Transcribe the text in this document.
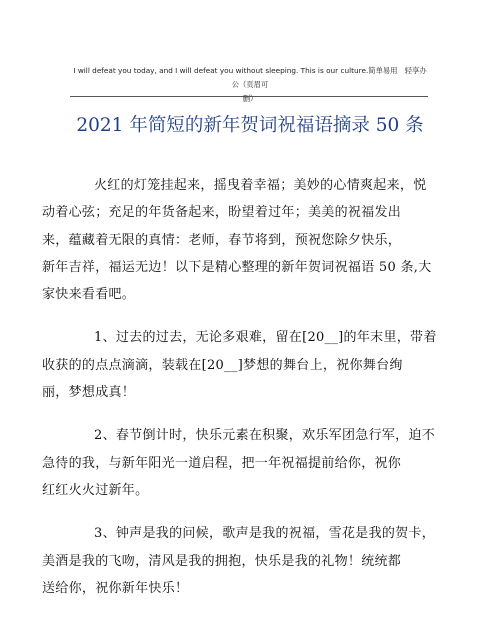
I will defeat you today, and I will defeat you without sleeping. This is our culture.简单易用　轻享办公（页眉可
删）
2021 年简短的新年贺词祝福语摘录 50 条

火红的灯笼挂起来，摇曳着幸福；美妙的心情爽起来，悦
动着心弦；充足的年货备起来，盼望着过年；美美的祝福发出
来，蕴藏着无限的真情：老师，春节将到，预祝您除夕快乐，
新年吉祥，福运无边！以下是精心整理的新年贺词祝福语 50 条,大
家快来看看吧。

1、过去的过去，无论多艰难，留在[20__]的年末里，带着
收获的的点点滴滴，装载在[20__]梦想的舞台上，祝你舞台绚
丽，梦想成真！

2、春节倒计时，快乐元素在积聚，欢乐军团急行军，迫不
急待的我，与新年阳光一道启程，把一年祝福提前给你，祝你
红红火火过新年。

3、钟声是我的问候，歌声是我的祝福，雪花是我的贺卡，
美酒是我的飞吻，清风是我的拥抱，快乐是我的礼物！统统都
送给你，祝你新年快乐！
